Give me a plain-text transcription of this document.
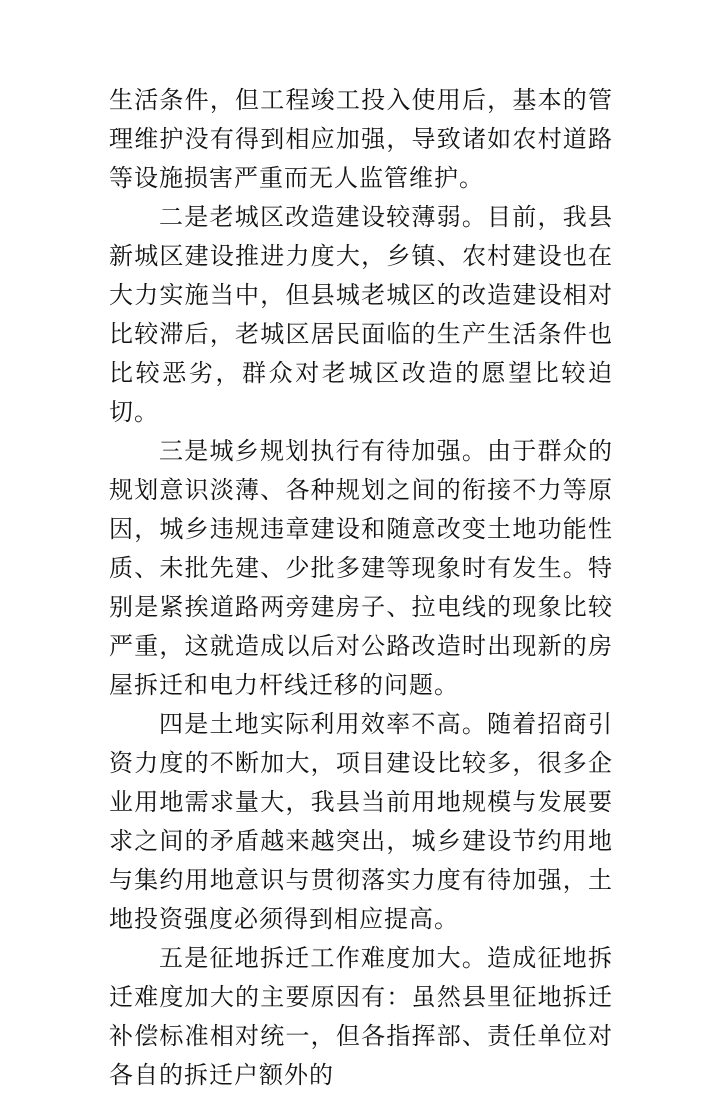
生活条件，但工程竣工投入使用后，基本的管理维护没有得到相应加强，导致诸如农村道路等设施损害严重而无人监管维护。

二是老城区改造建设较薄弱。目前，我县新城区建设推进力度大，乡镇、农村建设也在大力实施当中，但县城老城区的改造建设相对比较滞后，老城区居民面临的生产生活条件也比较恶劣，群众对老城区改造的愿望比较迫切。

三是城乡规划执行有待加强。由于群众的规划意识淡薄、各种规划之间的衔接不力等原因，城乡违规违章建设和随意改变土地功能性质、未批先建、少批多建等现象时有发生。特别是紧挨道路两旁建房子、拉电线的现象比较严重，这就造成以后对公路改造时出现新的房屋拆迁和电力杆线迁移的问题。

四是土地实际利用效率不高。随着招商引资力度的不断加大，项目建设比较多，很多企业用地需求量大，我县当前用地规模与发展要求之间的矛盾越来越突出，城乡建设节约用地与集约用地意识与贯彻落实力度有待加强，土地投资强度必须得到相应提高。

五是征地拆迁工作难度加大。造成征地拆迁难度加大的主要原因有：虽然县里征地拆迁补偿标准相对统一，但各指挥部、责任单位对各自的拆迁户额外的
